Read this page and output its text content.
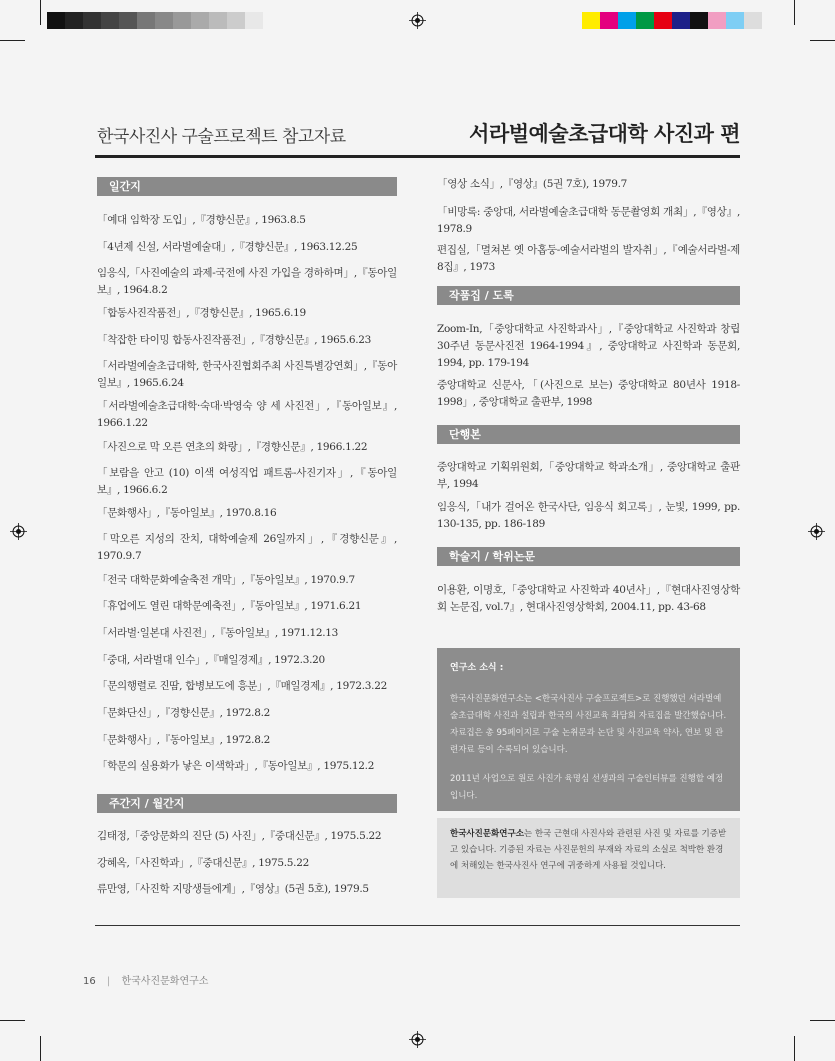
한국사진사 구술프로젝트 참고자료	서라벌예술초급대학 사진과 편
일간지
「예대 임학장 도입」,『경향신문』, 1963.8.5
「4년제 신설, 서라벌예술대」,『경향신문』, 1963.12.25
임응식,「사진예술의 과제-국전에 사진 가입을 경하하며」,『동아일보』, 1964.8.2
「합동사진작품전」,『경향신문』, 1965.6.19
「착잡한 타이밍 합동사진작품전」,『경향신문』, 1965.6.23
「서라벌예술초급대학, 한국사진협회주최 사진특별강연회」,『동아일보』, 1965.6.24
「서라벌예술초급대학·숙대·박영숙 양 세 사진전」,『동아일보』, 1966.1.22
「사진으로 막 오른 연초의 화랑」,『경향신문』, 1966.1.22
「보람을 안고 (10) 이색 여성직업 패트롬-사진기자」,『동아일보』, 1966.6.2
「문화행사」,『동아일보』, 1970.8.16
「막오른 지성의 잔치, 대학예술제 26일까지」,『경향신문』, 1970.9.7
「전국 대학문화예술축전 개막」,『동아일보』, 1970.9.7
「휴업에도 열린 대학문예축전」,『동아일보』, 1971.6.21
「서라벌·일본대 사진전」,『동아일보』, 1971.12.13
「중대, 서라벌대 인수」,『매일경제』, 1972.3.20
「문의행렬로 진땀, 합병보도에 흥분」,『매일경제』, 1972.3.22
「문화단신」,『경향신문』, 1972.8.2
「문화행사」,『동아일보』, 1972.8.2
「학문의 실용화가 낳은 이색학과」,『동아일보』, 1975.12.2
주간지 / 월간지
김태정,「중앙문화의 진단 (5) 사진」,『중대신문』, 1975.5.22
강혜옥,「사진학과」,『중대신문』, 1975.5.22
류만영,「사진학 지망생들에게」,『영상』(5권 5호), 1979.5
「영상 소식」,『영상』(5권 7호), 1979.7
「비망록: 중앙대, 서라벌예술초급대학 동문촬영회 개최」,『영상』, 1978.9
편집실,「멸쳐본 옛 아홉둥-예술서라벌의 발자취」,『예술서라벌-제8집』, 1973
작품집 / 도록
Zoom-In,「중앙대학교 사진학과사」,『중앙대학교 사진학과 창립 30주년 동문사진전 1964-1994』, 중앙대학교 사진학과 동문회, 1994, pp. 179-194
중앙대학교 신문사,「(사진으로 보는) 중앙대학교 80년사 1918-1998」, 중앙대학교 출판부, 1998
단행본
중앙대학교 기획위원회,「중앙대학교 학과소개」, 중앙대학교 출판부, 1994
임응식,「내가 걸어온 한국사단, 임응식 회고록」, 눈빛, 1999, pp. 130-135, pp. 186-189
학술지 / 학위논문
이용환, 이명호,「중앙대학교 사진학과 40년사」,『현대사진영상학회 논문집, vol.7』, 현대사진영상학회, 2004.11, pp. 43-68
연구소 소식 :

한국사진문화연구소는 <한국사진사 구술프로젝트>로 진행했던 서라벌예술초급대학 사진과 설립과 한국의 사진교육 좌담회 자료집을 발간했습니다. 자료집은 총 95페이지로 구술 논취문과 논단 및 사진교육 약사, 연보 및 관련자료 등이 수록되어 있습니다.

2011년 사업으로 원로 사진가 육명심 선생과의 구술인터뷰를 진행할 예정입니다.

한국사진문화연구소는 한국 근현대 사진사와 관련된 사진 및 자료를 기증받고 있습니다. 기증된 자료는 사진문헌의 부재와 자료의 소실로 척박한 환경에 처해있는 한국사진사 연구에 귀중하게 사용될 것입니다.
16 | 한국사진문화연구소
